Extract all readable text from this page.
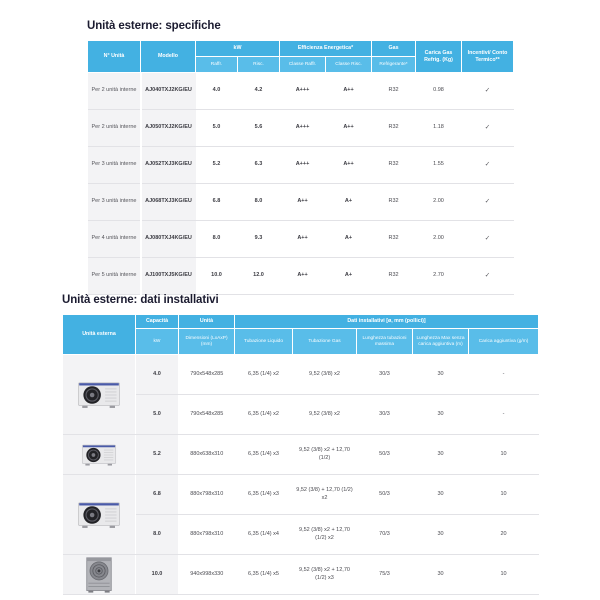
Unità esterne: specifiche
N° Unità	Modello	kW		Efficienza Energetica*		Gas	Carica Gas Refrig. (Kg)	Incentivi/ Conto Termico**
		Raffr.	Risc.	Classe Raffr.	Classe Risc.	Refrigerante*		
Per 2 unità interne	AJ040TXJ2KG/EU	4.0	4.2	A+++	A++	R32	0.98	✓
Per 2 unità interne	AJ050TXJ2KG/EU	5.0	5.6	A+++	A++	R32	1.18	✓
Per 3 unità interne	AJ052TXJ3KG/EU	5.2	6.3	A+++	A++	R32	1.55	✓
Per 3 unità interne	AJ068TXJ3KG/EU	6.8	8.0	A++	A+	R32	2.00	✓
Per 4 unità interne	AJ080TXJ4KG/EU	8.0	9.3	A++	A+	R32	2.00	✓
Per 5 unità interne	AJ100TXJ5KG/EU	10.0	12.0	A++	A+	R32	2.70	✓
Unità esterne: dati installativi
Unità esterna	Capacità	Unità	Dati installativi [ø, mm (pollici)]				
	kW	Dimensioni (LxAxP)(mm)	Tubazione Liquido	Tubazione Gas	Lunghezza tubazioni massima	Lunghezza Max senza carica aggiuntiva (m)	Carica aggiuntiva (g/m)

	4.0	790x548x285	6,35 (1/4) x2	9,52 (3/8) x2	30/3	30	-
	5.0	790x548x285	6,35 (1/4) x2	9,52 (3/8) x2	30/3	30	-

	5.2	880x638x310	6,35 (1/4) x3	9,52 (3/8) x2 + 12,70 (1/2)	50/3	30	10

	6.8	880x798x310	6,35 (1/4) x3	9,52 (3/8) + 12,70 (1/2) x2	50/3	30	10
	8.0	880x798x310	6,35 (1/4) x4	9,52 (3/8) x2 + 12,70 (1/2) x2	70/3	30	20

	10.0	940x998x330	6,35 (1/4) x5	9,52 (3/8) x2 + 12,70 (1/2) x3	75/3	30	10
